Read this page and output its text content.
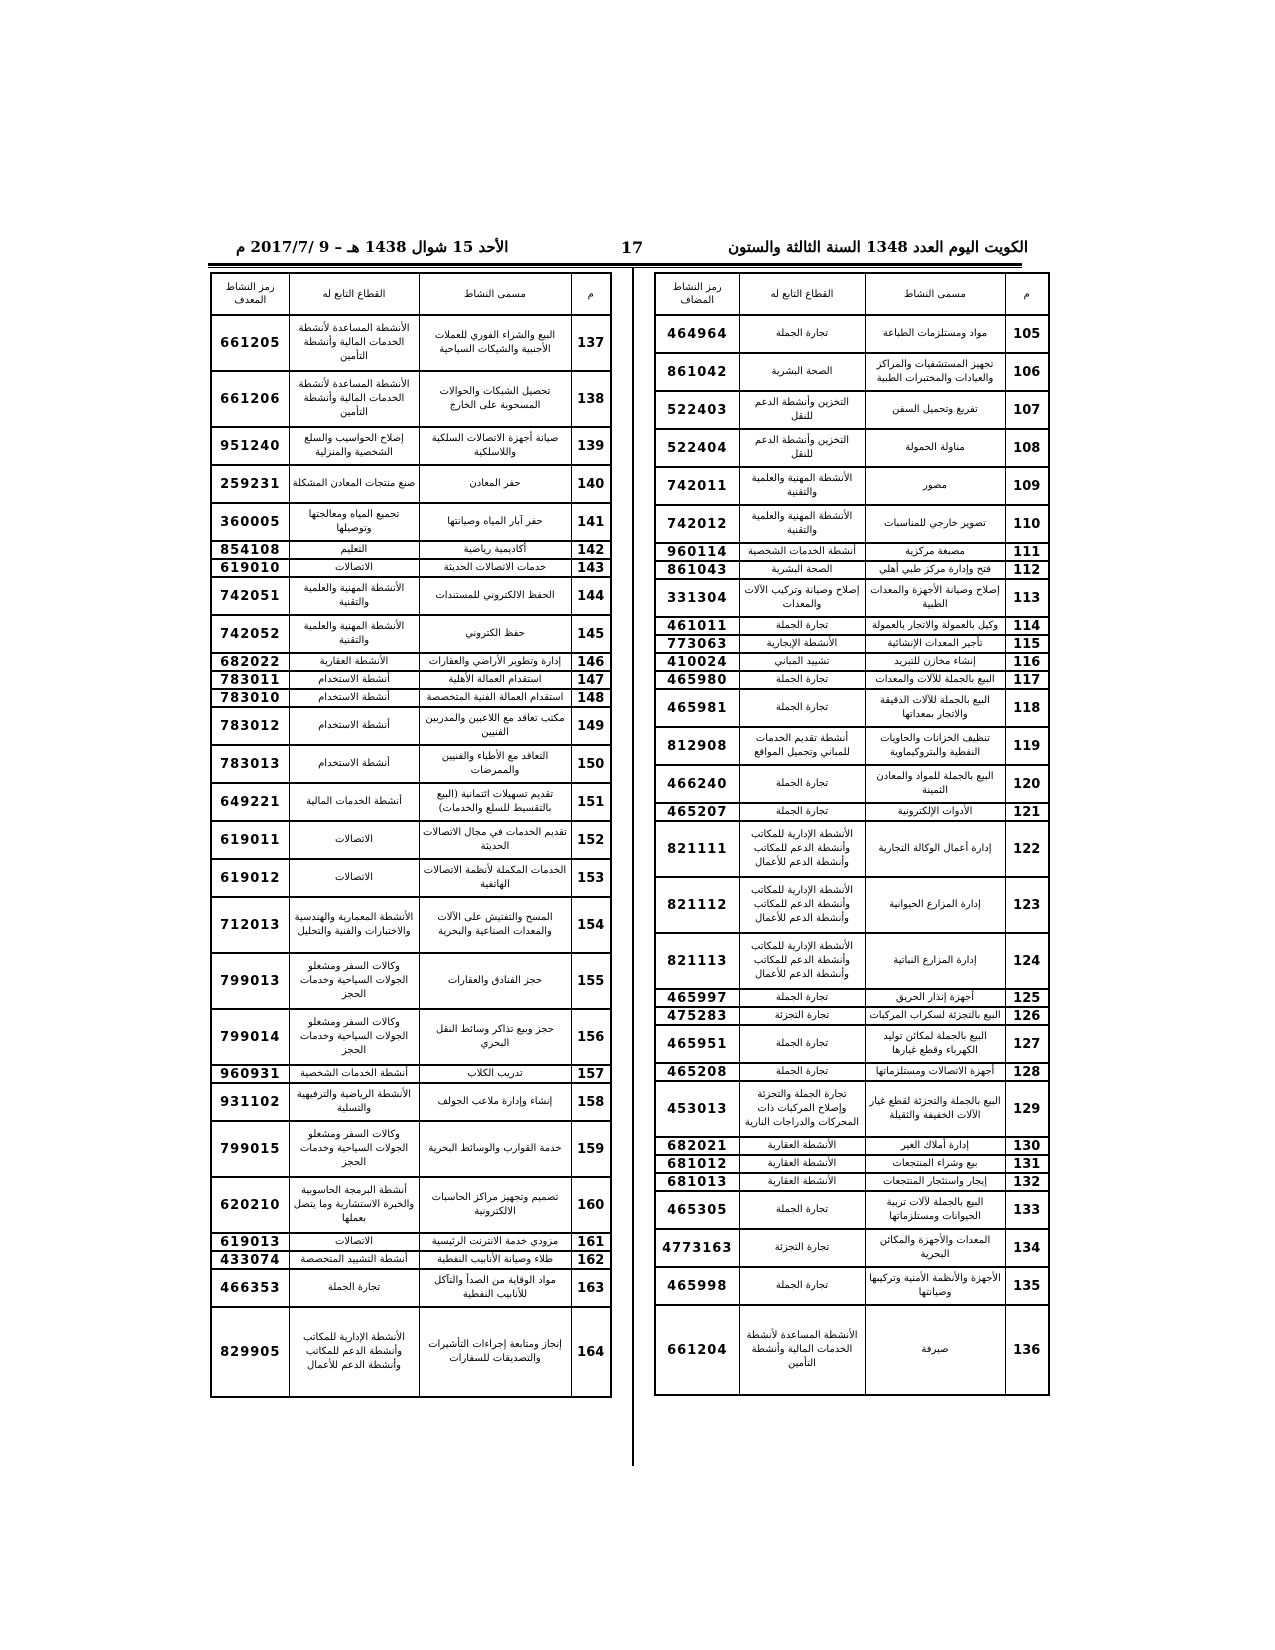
الكويت اليوم العدد 1348 السنة الثالثة والستون
17
الأحد 15 شوال 1438 هـ – 9 /2017/7 م
م	مسمى النشاط	القطاع التابع له	رمز النشاط المضاف
105	مواد ومستلزمات الطباعة	تجارة الجملة	464964
106	تجهيز المستشفيات والمراكز والعيادات والمختبرات الطبية	الصحة البشرية	861042
107	تفريغ وتحميل السفن	التخزين وأنشطة الدعم للنقل	522403
108	مناولة الحمولة	التخزين وأنشطة الدعم للنقل	522404
109	مصور	الأنشطة المهنية والعلمية والتقنية	742011
110	تصوير خارجي للمناسبات	الأنشطة المهنية والعلمية والتقنية	742012
111	مصبغة مركزية	أنشطة الخدمات الشخصية	960114
112	فتح وإدارة مركز طبي أهلي	الصحة البشرية	861043
113	إصلاح وصيانة الأجهزة والمعدات الطبية	إصلاح وصيانة وتركيب الآلات والمعدات	331304
114	وكيل بالعمولة والاتجار بالعمولة	تجارة الجملة	461011
115	تأجير المعدات الإنشائية	الأنشطة الإيجارية	773063
116	إنشاء مخازن للتبريد	تشييد المباني	410024
117	البيع بالجملة للآلات والمعدات	تجارة الجملة	465980
118	البيع بالجملة للآلات الدقيقة والاتجار بمعداتها	تجارة الجملة	465981
119	تنظيف الخزانات والحاويات النفطية والبتروكيماوية	أنشطة تقديم الخدمات للمباني وتجميل المواقع	812908
120	البيع بالجملة للمواد والمعادن الثمينة	تجارة الجملة	466240
121	الأدوات الإلكترونية	تجارة الجملة	465207
122	إدارة أعمال الوكالة التجارية	الأنشطة الإدارية للمكاتب وأنشطة الدعم للمكاتب وأنشطة الدعم للأعمال	821111
123	إدارة المزارع الحيوانية	الأنشطة الإدارية للمكاتب وأنشطة الدعم للمكاتب وأنشطة الدعم للأعمال	821112
124	إدارة المزارع النباتية	الأنشطة الإدارية للمكاتب وأنشطة الدعم للمكاتب وأنشطة الدعم للأعمال	821113
125	أجهزة إنذار الحريق	تجارة الجملة	465997
126	البيع بالتجزئة لسكراب المركبات	تجارة التجزئة	475283
127	البيع بالجملة لمكائن توليد الكهرباء وقطع غيارها	تجارة الجملة	465951
128	أجهزة الاتصالات ومستلزماتها	تجارة الجملة	465208
129	البيع بالجملة والتجزئة لقطع غيار الآلات الخفيفة والثقيلة	تجارة الجملة والتجزئة وإصلاح المركبات ذات المحركات والدراجات النارية	453013
130	إدارة أملاك الغير	الأنشطة العقارية	682021
131	بيع وشراء المنتجعات	الأنشطة العقارية	681012
132	إيجار واستئجار المنتجعات	الأنشطة العقارية	681013
133	البيع بالجملة لآلات تربية الحيوانات ومستلزماتها	تجارة الجملة	465305
134	المعدات والأجهزة والمكائن البحرية	تجارة التجزئة	4773163
135	الأجهزة والأنظمة الأمنية وتركيبها وصيانتها	تجارة الجملة	465998
136	صيرفة	الأنشطة المساعدة لأنشطة الخدمات المالية وأنشطة التأمين	661204
م	مسمى النشاط	القطاع التابع له	رمز النشاط المعدف
137	البيع والشراء الفوري للعملات الأجنبية والشيكات السياحية	الأنشطة المساعدة لأنشطة الخدمات المالية وأنشطة التأمين	661205
138	تحصيل الشيكات والحوالات المسحوبة على الخارج	الأنشطة المساعدة لأنشطة الخدمات المالية وأنشطة التأمين	661206
139	صيانة أجهزة الاتصالات السلكية واللاسلكية	إصلاح الحواسيب والسلع الشخصية والمنزلية	951240
140	حفر المعادن	صنع منتجات المعادن المشكلة	259231
141	حفر آبار المياه وصيانتها	تجميع المياه ومعالجتها وتوصيلها	360005
142	أكاديمية رياضية	التعليم	854108
143	خدمات الاتصالات الحديثة	الاتصالات	619010
144	الحفظ الالكتروني للمستندات	الأنشطة المهنية والعلمية والتقنية	742051
145	حفظ الكتروني	الأنشطة المهنية والعلمية والتقنية	742052
146	إدارة وتطوير الأراضي والعقارات	الأنشطة العقارية	682022
147	استقدام العمالة الأهلية	أنشطة الاستخدام	783011
148	استقدام العمالة الفنية المتخصصة	أنشطة الاستخدام	783010
149	مكتب تعاقد مع اللاعبين والمدربين الفنيين	أنشطة الاستخدام	783012
150	التعاقد مع الأطباء والفنيين والممرضات	أنشطة الاستخدام	783013
151	تقديم تسهيلات ائتمانية (البيع بالتقسيط للسلع والخدمات)	أنشطة الخدمات المالية	649221
152	تقديم الخدمات في مجال الاتصالات الحديثة	الاتصالات	619011
153	الخدمات المكملة لأنظمة الاتصالات الهاتفية	الاتصالات	619012
154	المسح والتفتيش على الآلات والمعدات الصناعية والبحرية	الأنشطة المعمارية والهندسية والاختبارات والفنية والتحليل	712013
155	حجز الفنادق والعقارات	وكالات السفر ومشغلو الجولات السياحية وخدمات الحجز	799013
156	حجز وبيع تذاكر وسائط النقل البحري	وكالات السفر ومشغلو الجولات السياحية وخدمات الحجز	799014
157	تدريب الكلاب	أنشطة الخدمات الشخصية	960931
158	إنشاء وإدارة ملاعب الجولف	الأنشطة الرياضية والترفيهية والتسلية	931102
159	خدمة القوارب والوسائط البحرية	وكالات السفر ومشغلو الجولات السياحية وخدمات الحجز	799015
160	تصميم وتجهيز مراكز الحاسبات الالكترونية	أنشطة البرمجة الحاسوبية والخبرة الاستشارية وما يتصل بعملها	620210
161	مزودي خدمة الانترنت الرئيسية	الاتصالات	619013
162	طلاء وصيانة الأنابيب النفطية	أنشطة التشييد المتخصصة	433074
163	مواد الوقاية من الصدأ والتآكل للأنابيب النفطية	تجارة الجملة	466353
164	إنجاز ومتابعة إجراءات التأشيرات والتصديقات للسفارات	الأنشطة الإدارية للمكاتب وأنشطة الدعم للمكاتب وأنشطة الدعم للأعمال	829905
